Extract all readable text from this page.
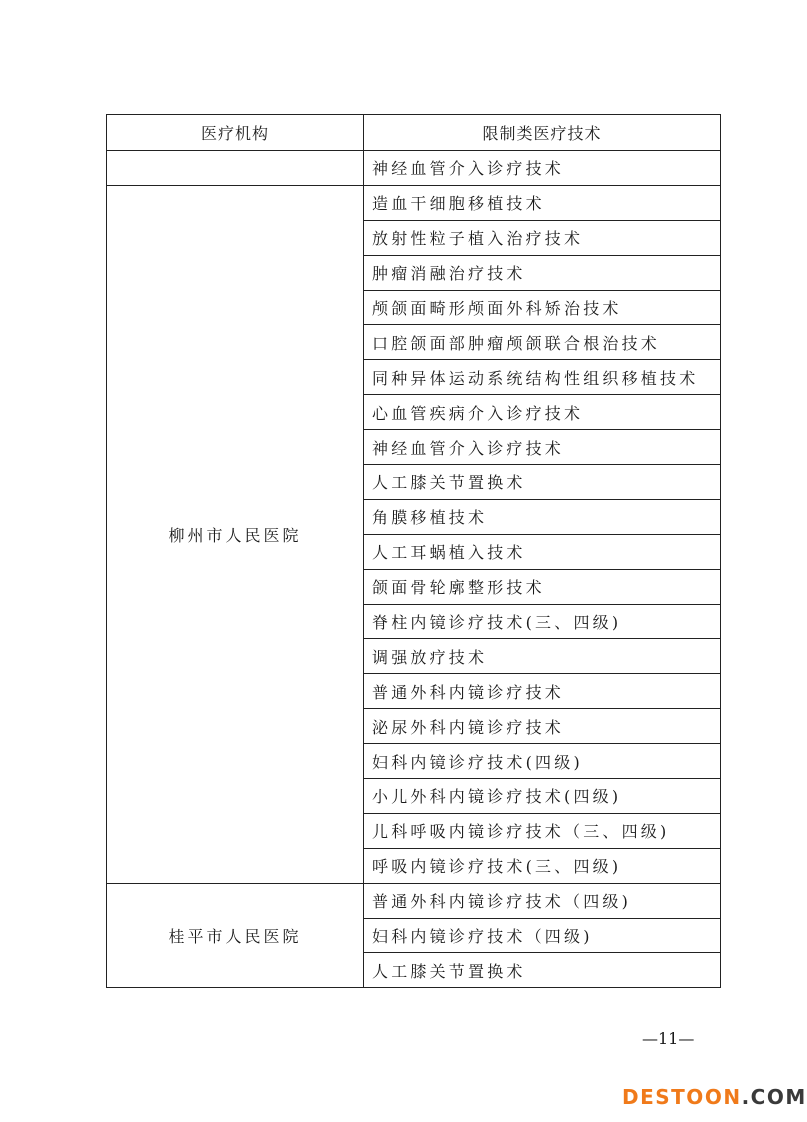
医疗机构	限制类医疗技术
	神经血管介入诊疗技术
柳州市人民医院	造血干细胞移植技术
	放射性粒子植入治疗技术
	肿瘤消融治疗技术
	颅颌面畸形颅面外科矫治技术
	口腔颌面部肿瘤颅颌联合根治技术
	同种异体运动系统结构性组织移植技术
	心血管疾病介入诊疗技术
	神经血管介入诊疗技术
	人工膝关节置换术
	角膜移植技术
	人工耳蜗植入技术
	颌面骨轮廓整形技术
	脊柱内镜诊疗技术(三、四级)
	调强放疗技术
	普通外科内镜诊疗技术
	泌尿外科内镜诊疗技术
	妇科内镜诊疗技术(四级)
	小儿外科内镜诊疗技术(四级)
	儿科呼吸内镜诊疗技术（三、四级)
	呼吸内镜诊疗技术(三、四级)
桂平市人民医院	普通外科内镜诊疗技术（四级)
	妇科内镜诊疗技术（四级)
	人工膝关节置换术
—11—
DESTOON.COM
